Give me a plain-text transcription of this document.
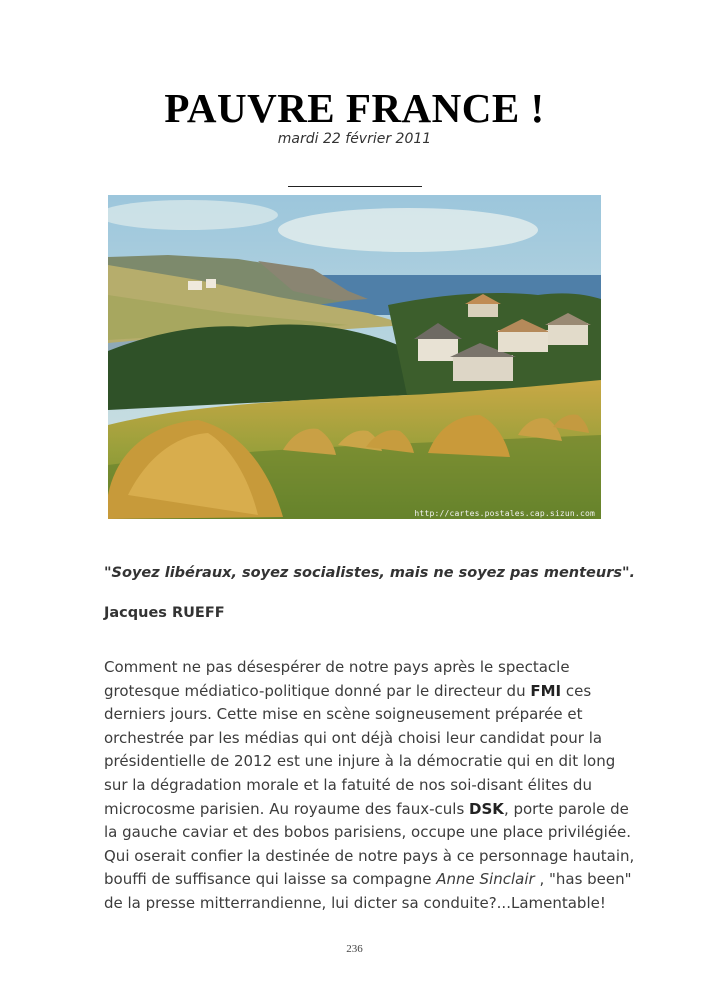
PAUVRE FRANCE !
mardi 22 février 2011
http://cartes.postales.cap.sizun.com
"Soyez libéraux, soyez socialistes, mais ne soyez pas menteurs".
Jacques RUEFF
Comment ne pas désespérer de notre pays après le spectacle
grotesque médiatico-politique donné par le directeur du FMI ces
derniers jours. Cette mise en scène soigneusement préparée et
orchestrée par les médias qui ont déjà choisi leur candidat pour la
présidentielle de 2012 est une injure à la démocratie qui en dit long
sur la dégradation morale et la fatuité de nos soi-disant élites du
microcosme parisien. Au royaume des faux-culs DSK, porte parole de
la gauche caviar et des bobos parisiens, occupe une place privilégiée.
Qui oserait confier la destinée de notre pays à ce personnage hautain,
bouffi de suffisance qui laisse sa compagne Anne Sinclair , "has been"
de la presse mitterrandienne, lui dicter sa conduite?...Lamentable!
236
